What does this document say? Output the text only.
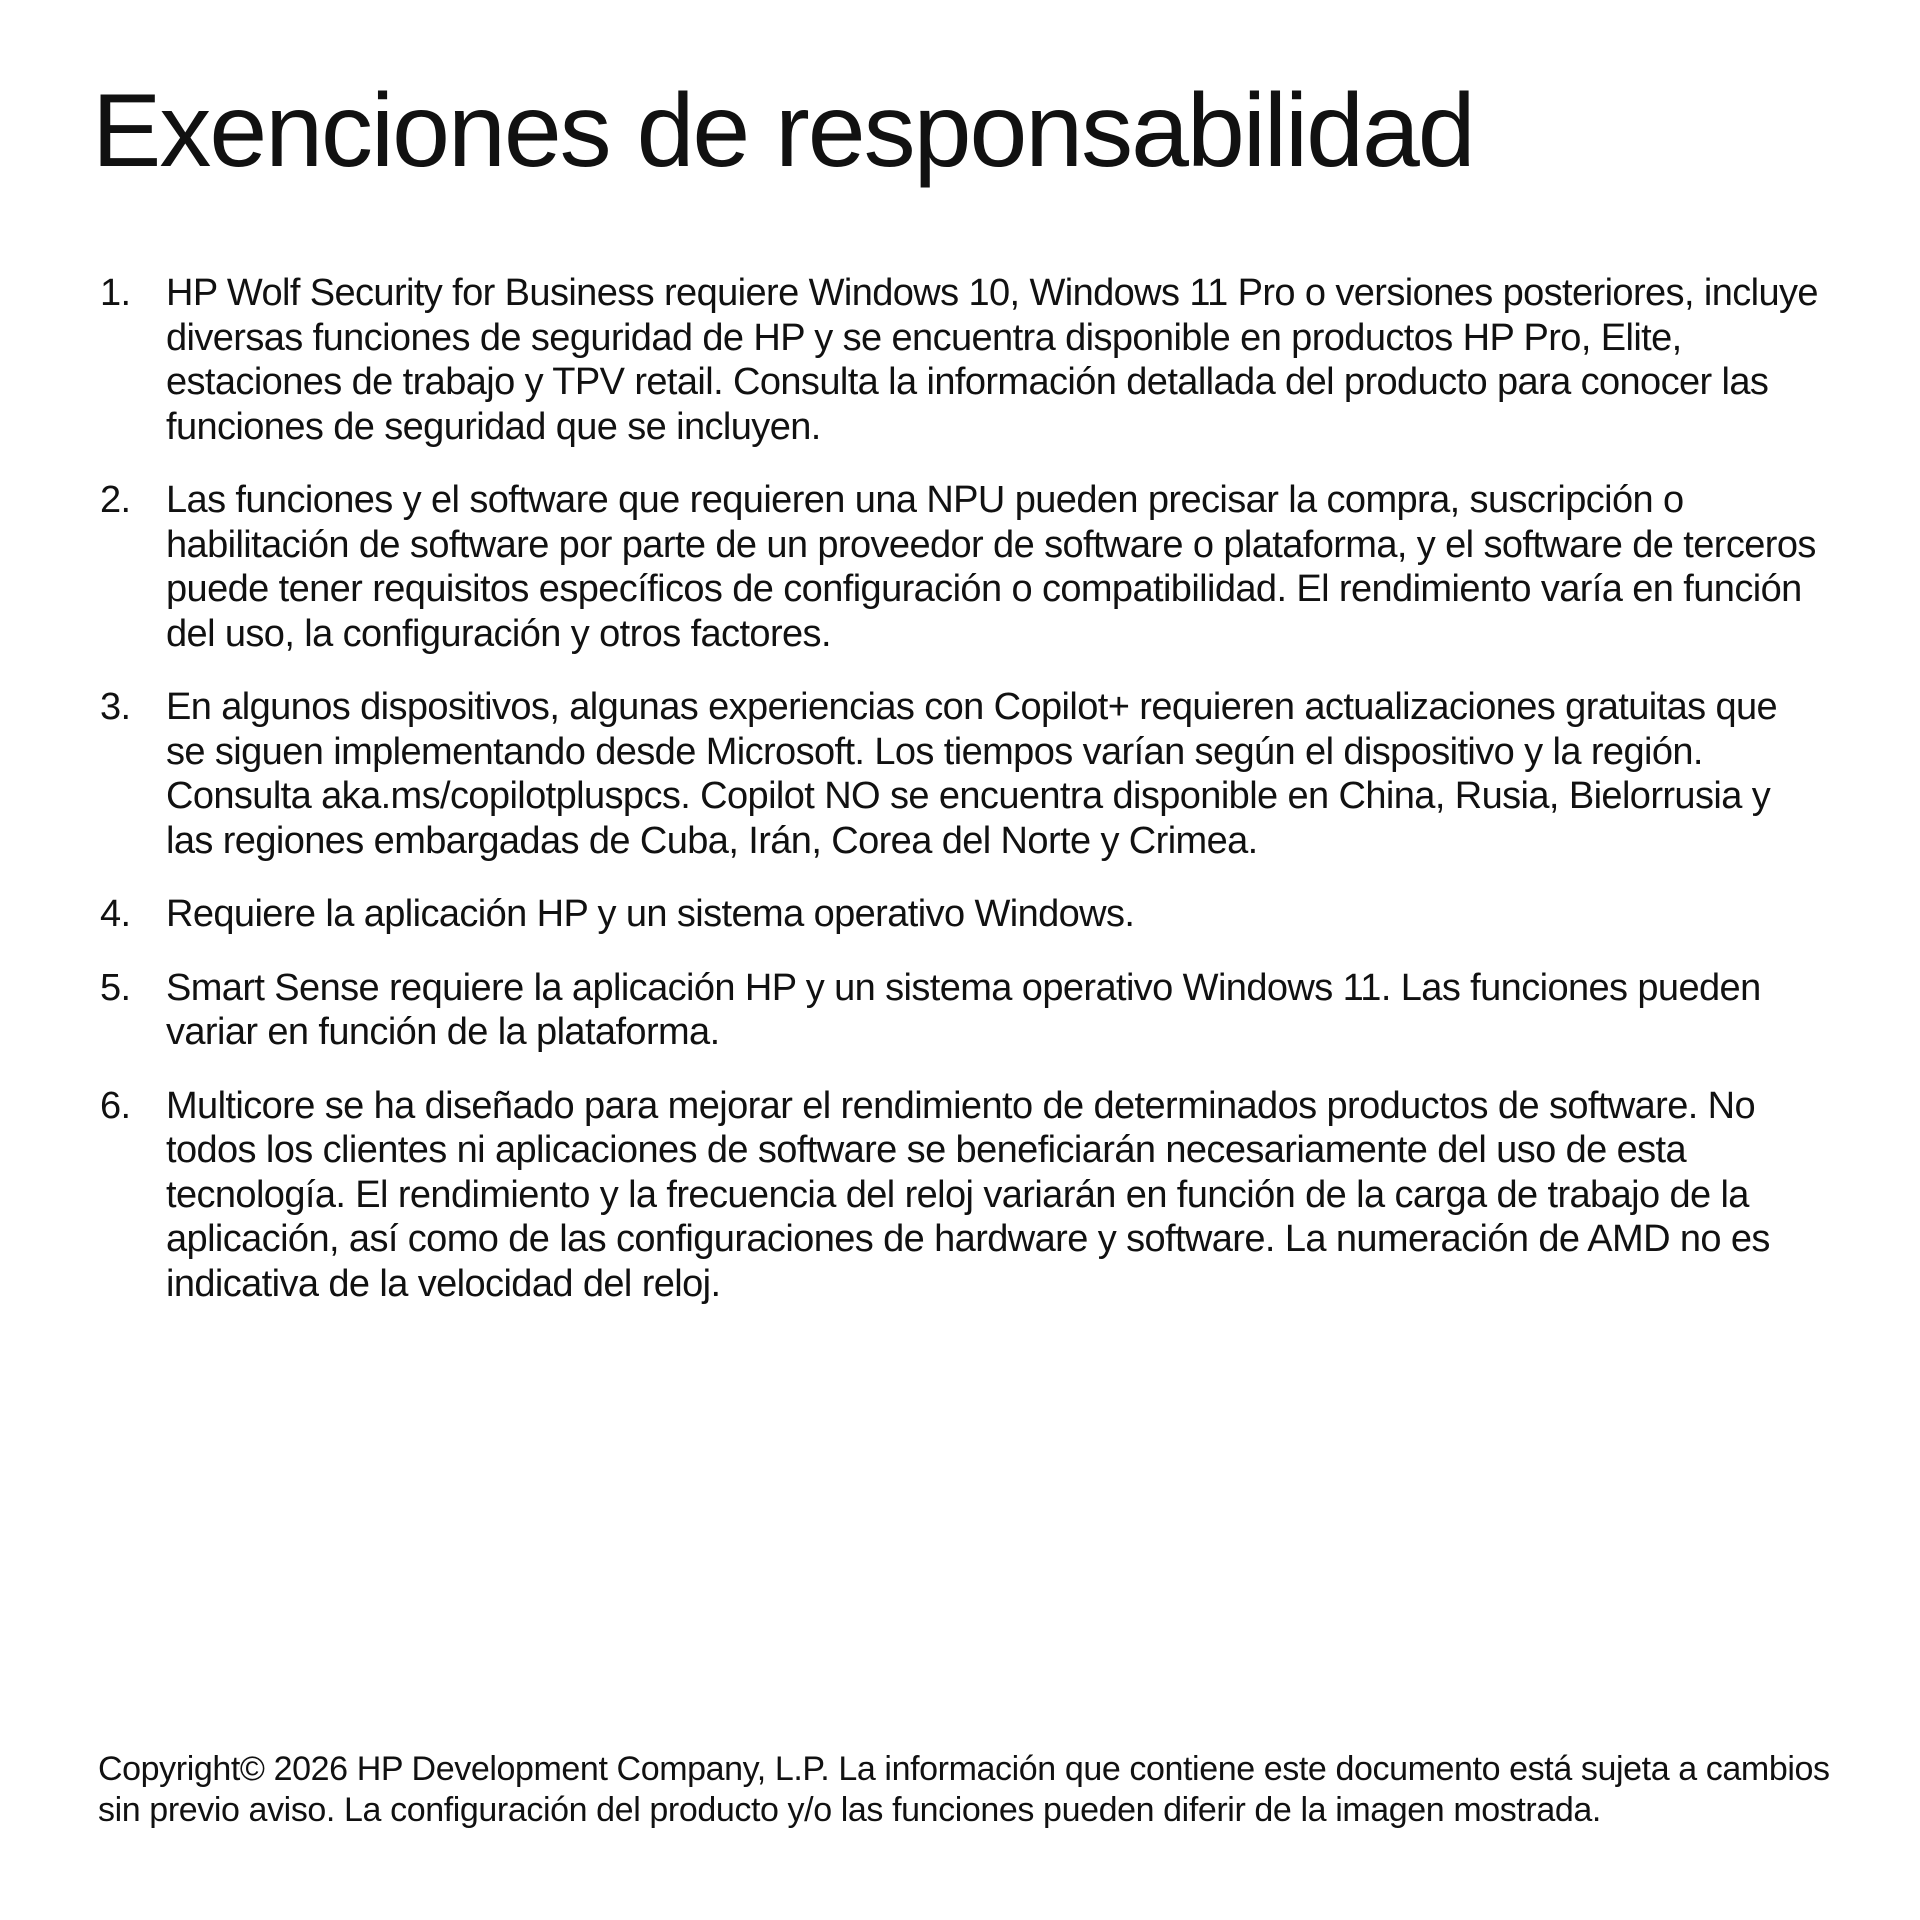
Exenciones de responsabilidad
1. HP Wolf Security for Business requiere Windows 10, Windows 11 Pro o versiones posteriores, incluye diversas funciones de seguridad de HP y se encuentra disponible en productos HP Pro, Elite, estaciones de trabajo y TPV retail. Consulta la información detallada del producto para conocer las funciones de seguridad que se incluyen.
2. Las funciones y el software que requieren una NPU pueden precisar la compra, suscripción o habilitación de software por parte de un proveedor de software o plataforma, y el software de terceros puede tener requisitos específicos de configuración o compatibilidad. El rendimiento varía en función del uso, la configuración y otros factores.
3. En algunos dispositivos, algunas experiencias con Copilot+ requieren actualizaciones gratuitas que se siguen implementando desde Microsoft. Los tiempos varían según el dispositivo y la región. Consulta aka.ms/copilotpluspcs. Copilot NO se encuentra disponible en China, Rusia, Bielorrusia y las regiones embargadas de Cuba, Irán, Corea del Norte y Crimea.
4. Requiere la aplicación HP y un sistema operativo Windows.
5. Smart Sense requiere la aplicación HP y un sistema operativo Windows 11. Las funciones pueden variar en función de la plataforma.
6. Multicore se ha diseñado para mejorar el rendimiento de determinados productos de software. No todos los clientes ni aplicaciones de software se beneficiarán necesariamente del uso de esta tecnología. El rendimiento y la frecuencia del reloj variarán en función de la carga de trabajo de la aplicación, así como de las configuraciones de hardware y software. La numeración de AMD no es indicativa de la velocidad del reloj.

Copyright© 2026 HP Development Company, L.P. La información que contiene este documento está sujeta a cambios sin previo aviso. La configuración del producto y/o las funciones pueden diferir de la imagen mostrada.
